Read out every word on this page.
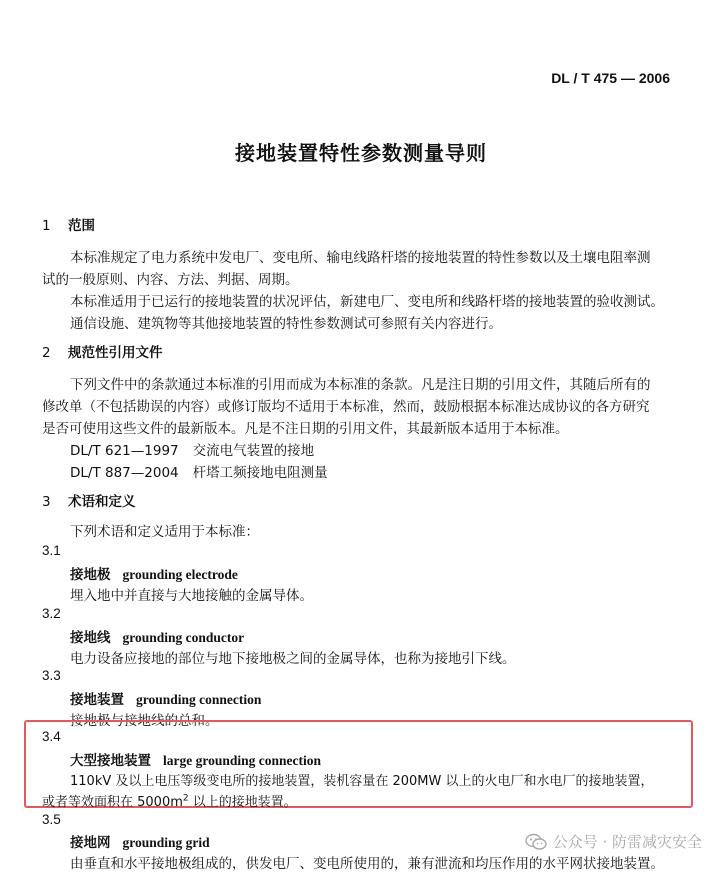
DL / T 475 — 2006
接地装置特性参数测量导则
1 范围
本标准规定了电力系统中发电厂、变电所、输电线路杆塔的接地装置的特性参数以及土壤电阻率测
试的一般原则、内容、方法、判据、周期。
本标准适用于已运行的接地装置的状况评估，新建电厂、变电所和线路杆塔的接地装置的验收测试。
通信设施、建筑物等其他接地装置的特性参数测试可参照有关内容进行。
2 规范性引用文件
下列文件中的条款通过本标准的引用而成为本标准的条款。凡是注日期的引用文件，其随后所有的
修改单（不包括勘误的内容）或修订版均不适用于本标准，然而，鼓励根据本标准达成协议的各方研究
是否可使用这些文件的最新版本。凡是不注日期的引用文件，其最新版本适用于本标准。
DL/T 621—1997 交流电气装置的接地
DL/T 887—2004 杆塔工频接地电阻测量
3 术语和定义
下列术语和定义适用于本标准：
3.1
接地极 grounding electrode
埋入地中并直接与大地接触的金属导体。
3.2
接地线 grounding conductor
电力设备应接地的部位与地下接地极之间的金属导体，也称为接地引下线。
3.3
接地装置 grounding connection
接地极与接地线的总和。
3.4
大型接地装置 large grounding connection
110kV 及以上电压等级变电所的接地装置，装机容量在 200MW 以上的火电厂和水电厂的接地装置，
或者等效面积在 $5000m^2$ 以上的接地装置。
3.5
接地网 grounding grid
由垂直和水平接地极组成的，供发电厂、变电所使用的，兼有泄流和均压作用的水平网状接地装置。
公众号 · 防雷减灾安全
